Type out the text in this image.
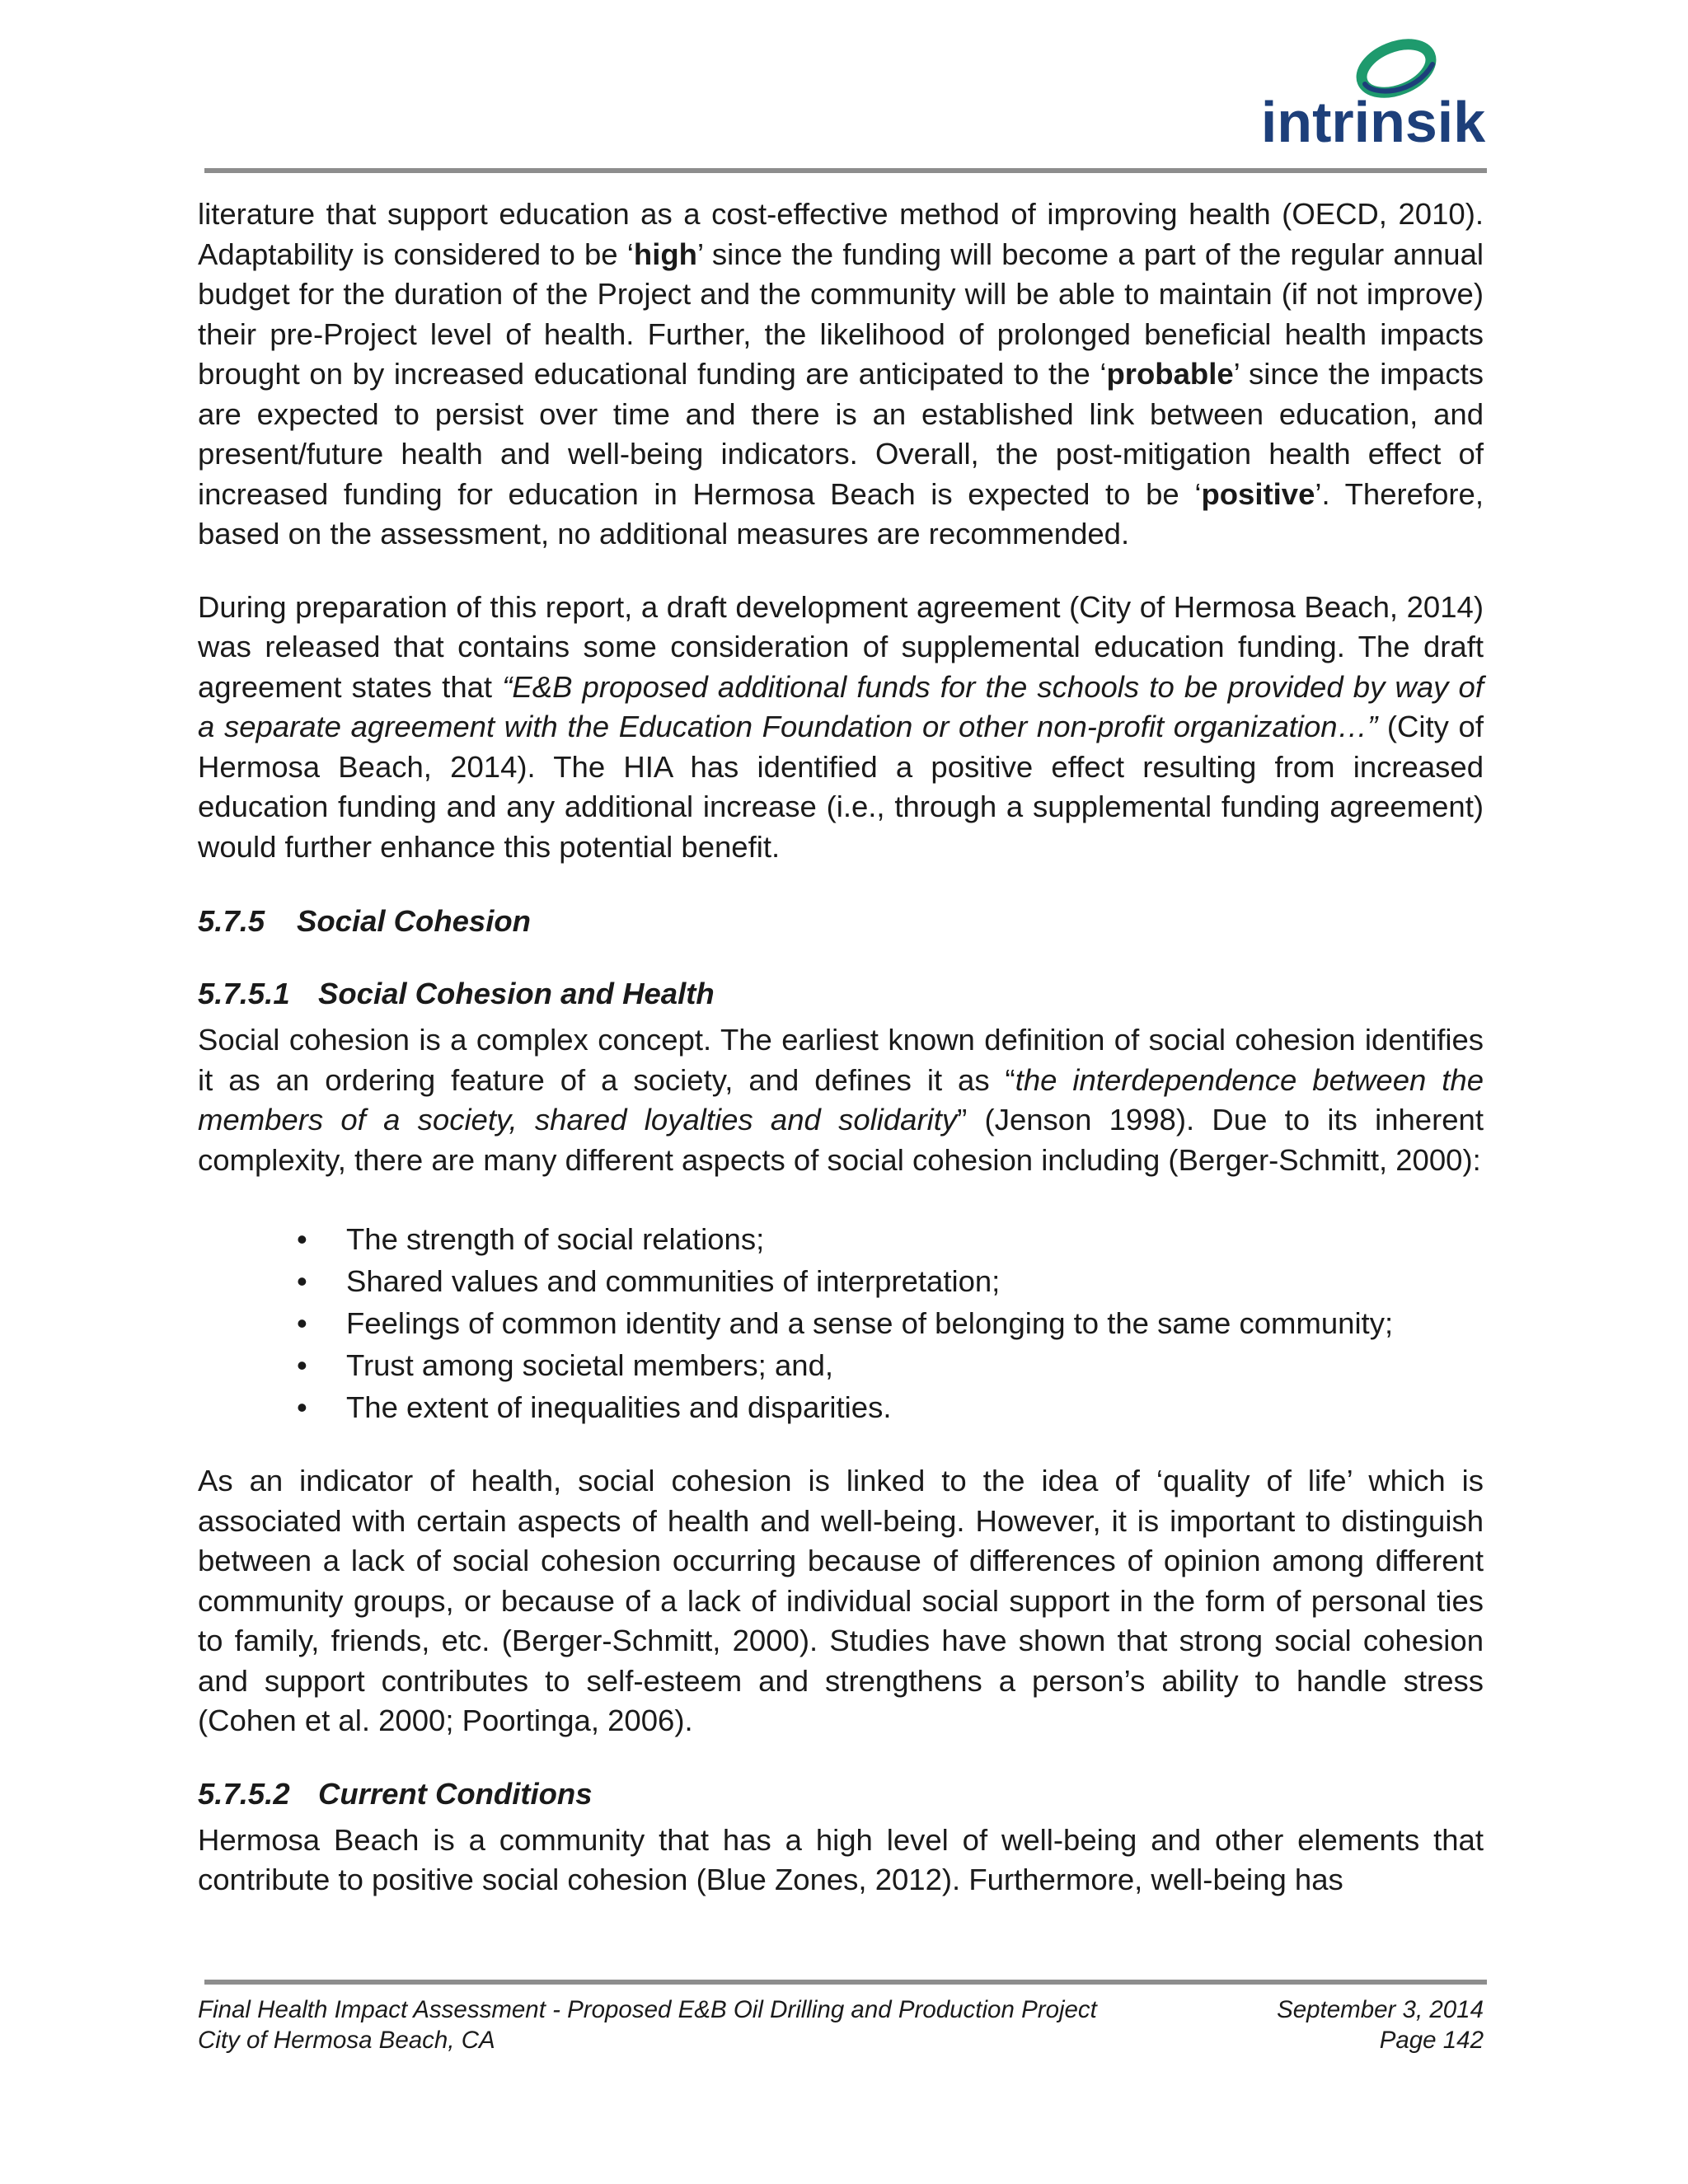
intrinsik

literature that support education as a cost-effective method of improving health (OECD, 2010). Adaptability is considered to be ‘high’ since the funding will become a part of the regular annual budget for the duration of the Project and the community will be able to maintain (if not improve) their pre-Project level of health. Further, the likelihood of prolonged beneficial health impacts brought on by increased educational funding are anticipated to the ‘probable’ since the impacts are expected to persist over time and there is an established link between education, and present/future health and well-being indicators. Overall, the post-mitigation health effect of increased funding for education in Hermosa Beach is expected to be ‘positive’. Therefore, based on the assessment, no additional measures are recommended.

During preparation of this report, a draft development agreement (City of Hermosa Beach, 2014) was released that contains some consideration of supplemental education funding. The draft agreement states that “E&B proposed additional funds for the schools to be provided by way of a separate agreement with the Education Foundation or other non-profit organization…” (City of Hermosa Beach, 2014). The HIA has identified a positive effect resulting from increased education funding and any additional increase (i.e., through a supplemental funding agreement) would further enhance this potential benefit.

5.7.5 Social Cohesion
5.7.5.1 Social Cohesion and Health

Social cohesion is a complex concept. The earliest known definition of social cohesion identifies it as an ordering feature of a society, and defines it as “the interdependence between the members of a society, shared loyalties and solidarity” (Jenson 1998). Due to its inherent complexity, there are many different aspects of social cohesion including (Berger-Schmitt, 2000):

• The strength of social relations;
• Shared values and communities of interpretation;
• Feelings of common identity and a sense of belonging to the same community;
• Trust among societal members; and,
• The extent of inequalities and disparities.

As an indicator of health, social cohesion is linked to the idea of ‘quality of life’ which is associated with certain aspects of health and well-being. However, it is important to distinguish between a lack of social cohesion occurring because of differences of opinion among different community groups, or because of a lack of individual social support in the form of personal ties to family, friends, etc. (Berger-Schmitt, 2000). Studies have shown that strong social cohesion and support contributes to self-esteem and strengthens a person’s ability to handle stress (Cohen et al. 2000; Poortinga, 2006).

5.7.5.2 Current Conditions

Hermosa Beach is a community that has a high level of well-being and other elements that contribute to positive social cohesion (Blue Zones, 2012). Furthermore, well-being has

Final Health Impact Assessment - Proposed E&B Oil Drilling and Production Project	September 3, 2014
City of Hermosa Beach, CA	Page 142
